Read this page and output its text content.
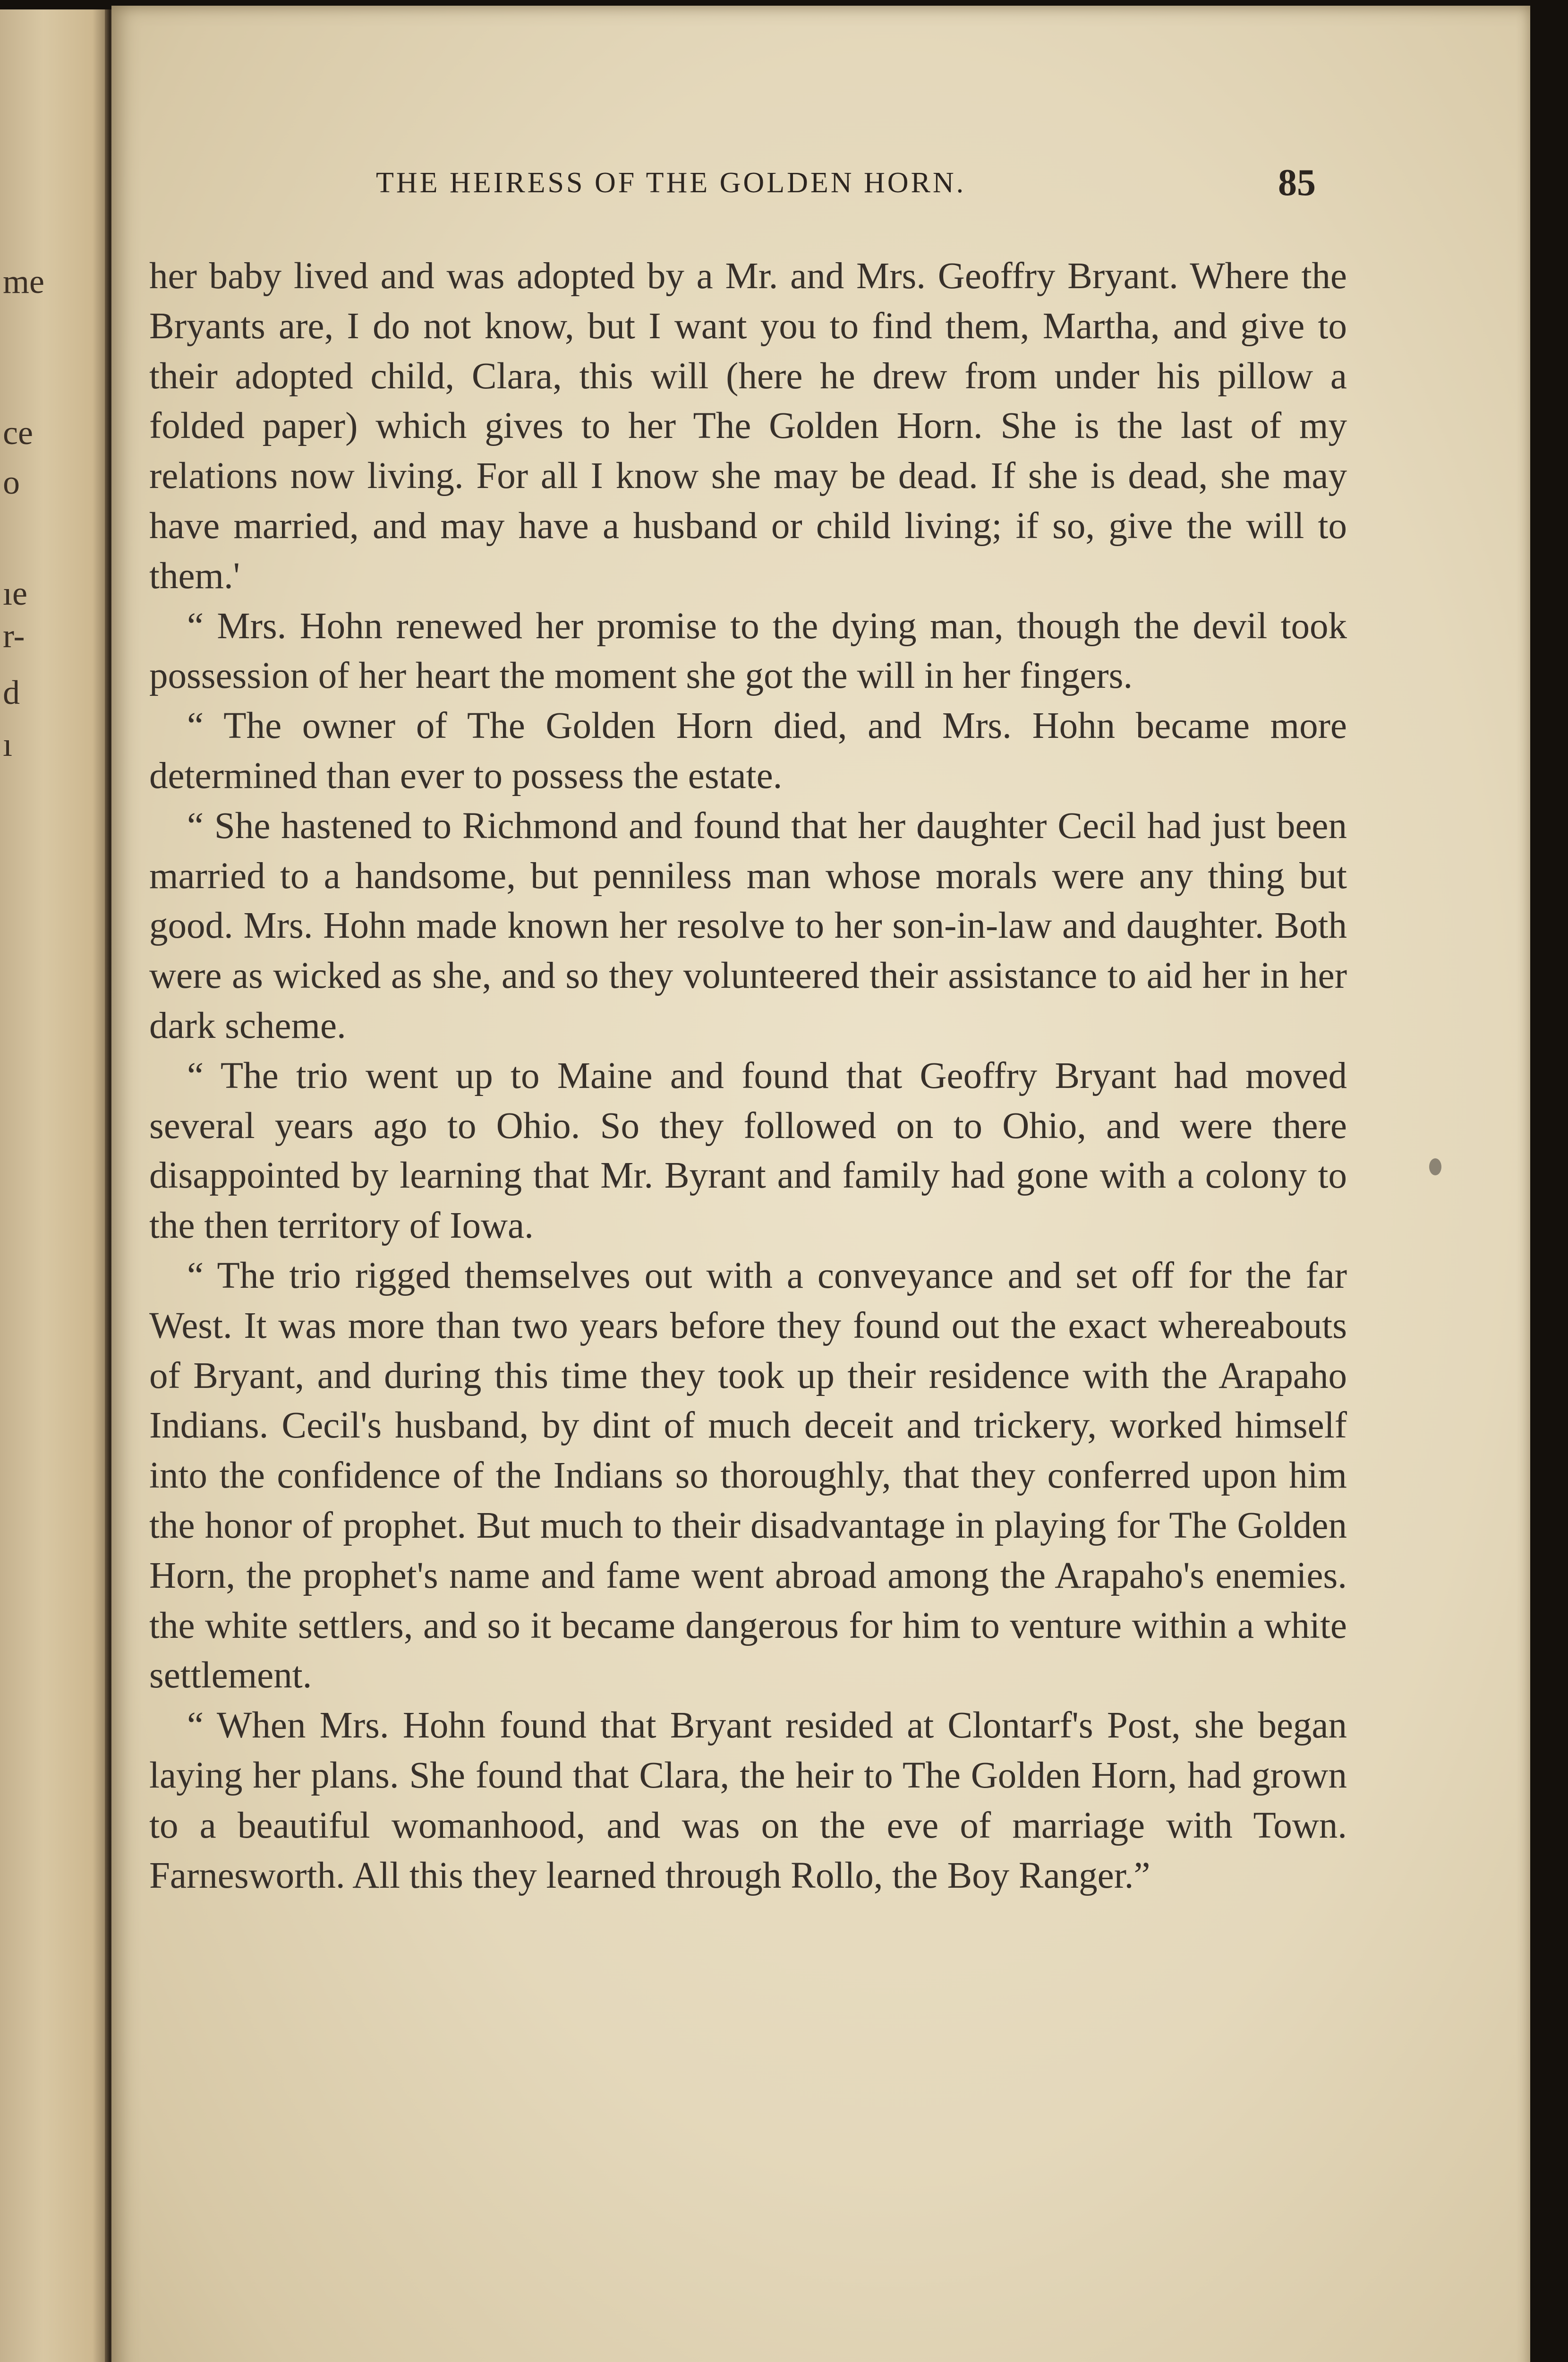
me
ce
o
ıe
r-
d
ı
THE HEIRESS OF THE GOLDEN HORN.	85

her baby lived and was adopted by a Mr. and Mrs. Geoffry Bryant. Where the Bryants are, I do not know, but I want you to find them, Martha, and give to their adopted child, Clara, this will (here he drew from under his pillow a folded paper) which gives to her The Golden Horn. She is the last of my relations now living. For all I know she may be dead. If she is dead, she may have married, and may have a husband or child living; if so, give the will to them.'

“ Mrs. Hohn renewed her promise to the dying man, though the devil took possession of her heart the moment she got the will in her fingers.

“ The owner of The Golden Horn died, and Mrs. Hohn became more determined than ever to possess the estate.

“ She hastened to Richmond and found that her daughter Cecil had just been married to a handsome, but penniless man whose morals were any thing but good. Mrs. Hohn made known her resolve to her son-in-law and daughter. Both were as wicked as she, and so they volunteered their assistance to aid her in her dark scheme.

“ The trio went up to Maine and found that Geoffry Bryant had moved several years ago to Ohio. So they followed on to Ohio, and were there disappointed by learning that Mr. Byrant and family had gone with a colony to the then territory of Iowa.

“ The trio rigged themselves out with a conveyance and set off for the far West. It was more than two years before they found out the exact whereabouts of Bryant, and during this time they took up their residence with the Arapaho Indians. Cecil's husband, by dint of much deceit and trickery, worked himself into the confidence of the Indians so thoroughly, that they conferred upon him the honor of prophet. But much to their disadvantage in playing for The Golden Horn, the prophet's name and fame went abroad among the Arapaho's enemies. the white settlers, and so it became dangerous for him to venture within a white settlement.

“ When Mrs. Hohn found that Bryant resided at Clontarf's Post, she began laying her plans. She found that Clara, the heir to The Golden Horn, had grown to a beautiful womanhood, and was on the eve of marriage with Town. Farnesworth. All this they learned through Rollo, the Boy Ranger.”
